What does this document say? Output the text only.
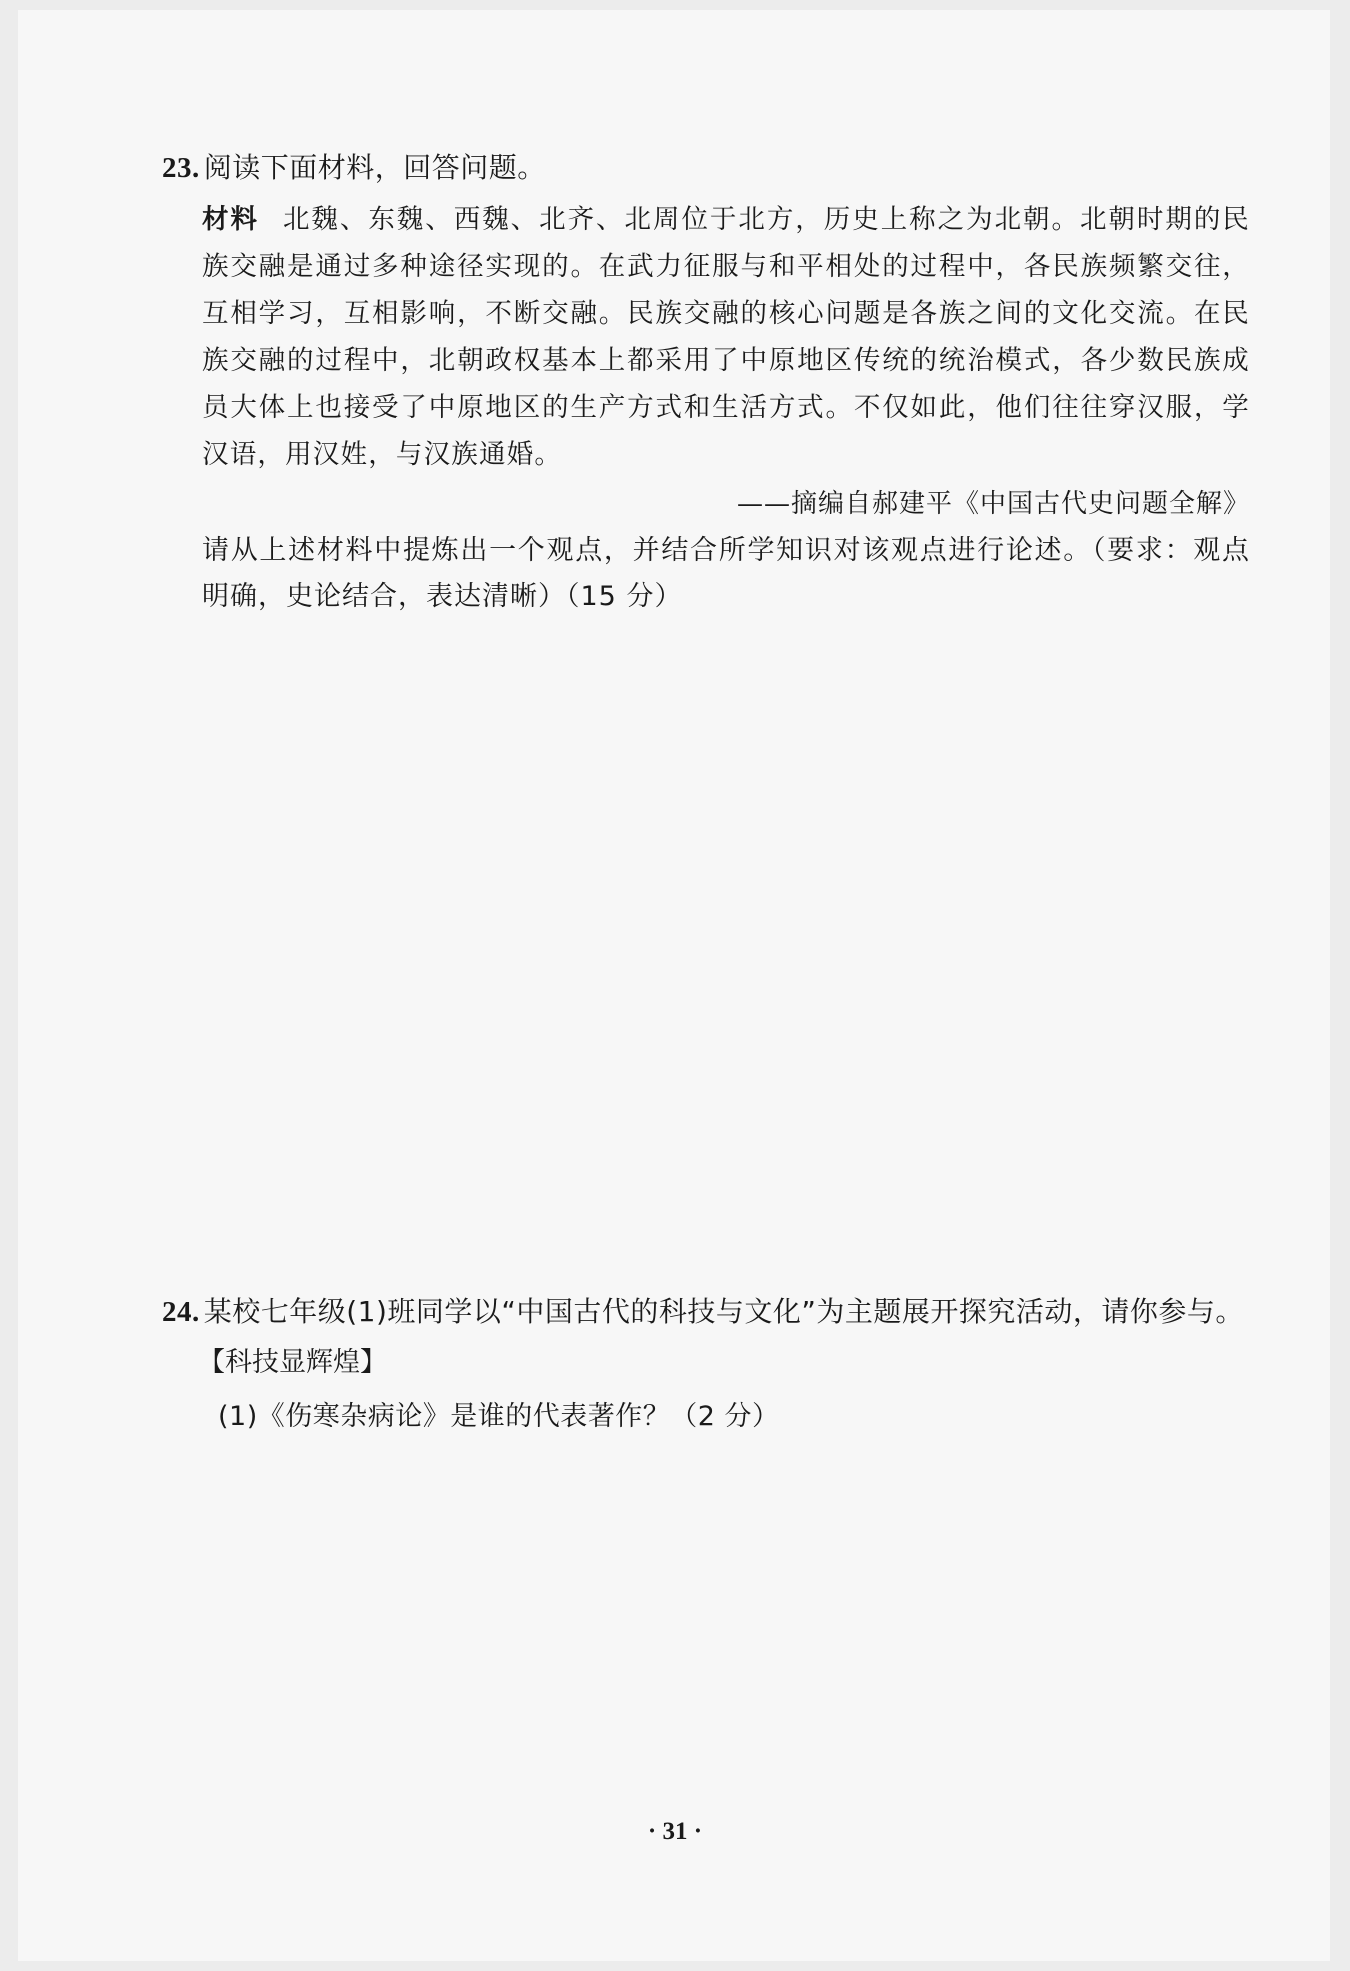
23. 阅读下面材料，回答问题。
材料 北魏、东魏、西魏、北齐、北周位于北方，历史上称之为北朝。北朝时期的民族交融是通过多种途径实现的。在武力征服与和平相处的过程中，各民族频繁交往，互相学习，互相影响，不断交融。民族交融的核心问题是各族之间的文化交流。在民族交融的过程中，北朝政权基本上都采用了中原地区传统的统治模式，各少数民族成员大体上也接受了中原地区的生产方式和生活方式。不仅如此，他们往往穿汉服，学汉语，用汉姓，与汉族通婚。
——摘编自郝建平《中国古代史问题全解》
请从上述材料中提炼出一个观点，并结合所学知识对该观点进行论述。（要求：观点明确，史论结合，表达清晰）（15 分）
24. 某校七年级(1)班同学以“中国古代的科技与文化”为主题展开探究活动，请你参与。
【科技显辉煌】
(1)《伤寒杂病论》是谁的代表著作？（2 分）
· 31 ·
